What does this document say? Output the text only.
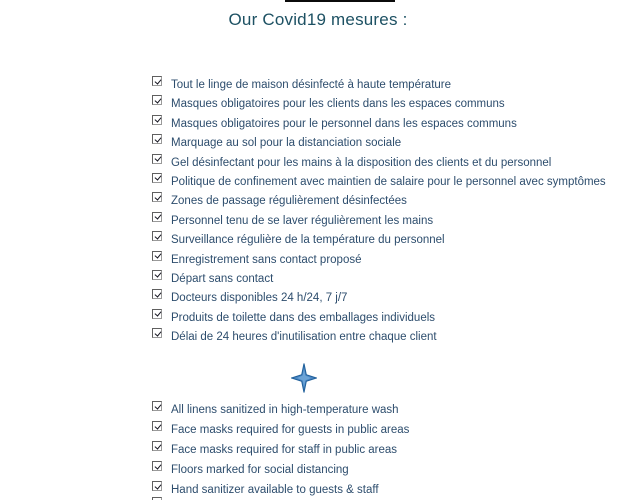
Our Covid19 mesures :
Tout le linge de maison désinfecté à haute température
Masques obligatoires pour les clients dans les espaces communs
Masques obligatoires pour le personnel dans les espaces communs
Marquage au sol pour la distanciation sociale
Gel désinfectant pour les mains à la disposition des clients et du personnel
Politique de confinement avec maintien de salaire pour le personnel avec symptômes
Zones de passage régulièrement désinfectées
Personnel tenu de se laver régulièrement les mains
Surveillance régulière de la température du personnel
Enregistrement sans contact proposé
Départ sans contact
Docteurs disponibles 24 h/24, 7 j/7
Produits de toilette dans des emballages individuels
Délai de 24 heures d'inutilisation entre chaque client
All linens sanitized in high-temperature wash
Face masks required for guests in public areas
Face masks required for staff in public areas
Floors marked for social distancing
Hand sanitizer available to guests & staff
